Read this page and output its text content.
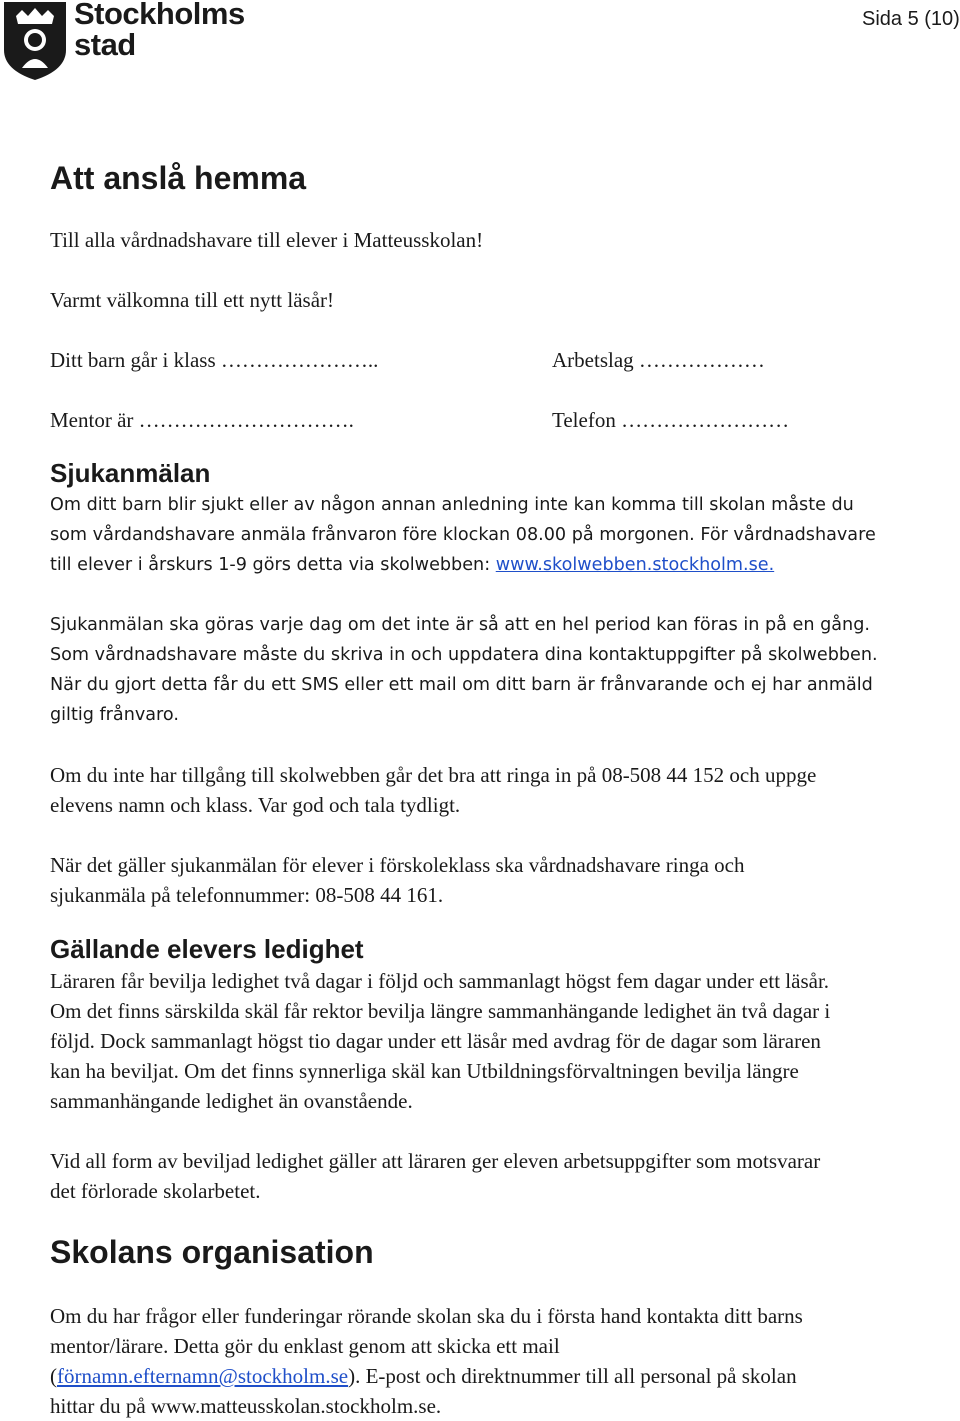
Stockholms
stad
Sida 5 (10)
Att anslå hemma
Till alla vårdnadshavare till elever i Matteusskolan!
Varmt välkomna till ett nytt läsår!
Ditt barn går i klass …………………..	Arbetslag ………………
Mentor är ………………………….	Telefon ……………………
Sjukanmälan
Om ditt barn blir sjukt eller av någon annan anledning inte kan komma till skolan måste du
som vårdandshavare anmäla frånvaron före klockan 08.00 på morgonen. För vårdnadshavare
till elever i årskurs 1-9 görs detta via skolwebben: www.skolwebben.stockholm.se.
Sjukanmälan ska göras varje dag om det inte är så att en hel period kan föras in på en gång.
Som vårdnadshavare måste du skriva in och uppdatera dina kontaktuppgifter på skolwebben.
När du gjort detta får du ett SMS eller ett mail om ditt barn är frånvarande och ej har anmäld
giltig frånvaro.
Om du inte har tillgång till skolwebben går det bra att ringa in på 08-508 44 152 och uppge
elevens namn och klass. Var god och tala tydligt.
När det gäller sjukanmälan för elever i förskoleklass ska vårdnadshavare ringa och
sjukanmäla på telefonnummer: 08-508 44 161.
Gällande elevers ledighet
Läraren får bevilja ledighet två dagar i följd och sammanlagt högst fem dagar under ett läsår.
Om det finns särskilda skäl får rektor bevilja längre sammanhängande ledighet än två dagar i
följd. Dock sammanlagt högst tio dagar under ett läsår med avdrag för de dagar som läraren
kan ha beviljat. Om det finns synnerliga skäl kan Utbildningsförvaltningen bevilja längre
sammanhängande ledighet än ovanstående.
Vid all form av beviljad ledighet gäller att läraren ger eleven arbetsuppgifter som motsvarar
det förlorade skolarbetet.
Skolans organisation
Om du har frågor eller funderingar rörande skolan ska du i första hand kontakta ditt barns
mentor/lärare. Detta gör du enklast genom att skicka ett mail
(förnamn.efternamn@stockholm.se). E-post och direktnummer till all personal på skolan
hittar du på www.matteusskolan.stockholm.se.
